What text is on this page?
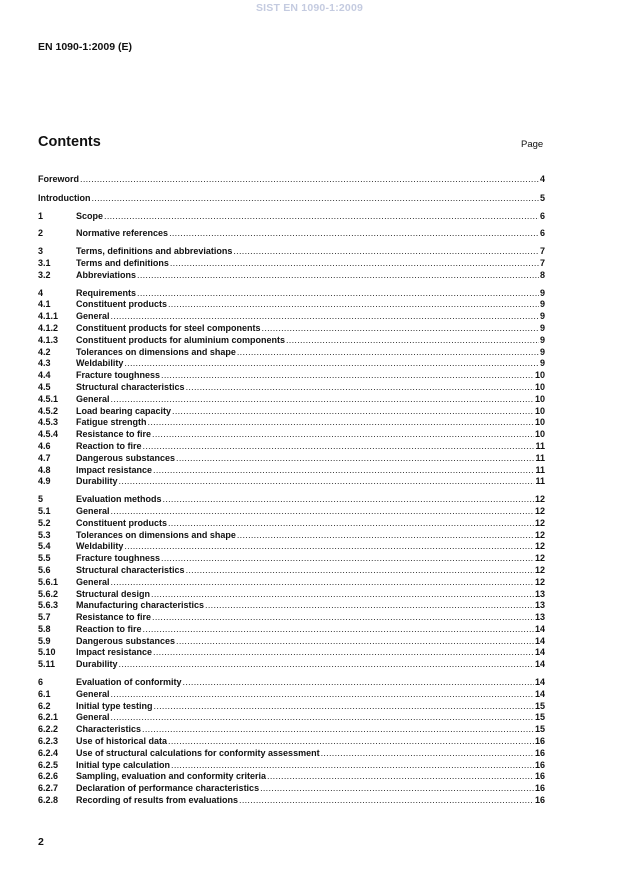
SIST EN 1090-1:2009
EN 1090-1:2009 (E)
Contents	Page
Foreword .....	4
Introduction .....	5
1	Scope .....	6
2	Normative references .....	6
3	Terms, definitions and abbreviations .....	7
3.1	Terms and definitions .....	7
3.2	Abbreviations .....	8
4	Requirements .....	9
4.1	Constituent products .....	9
4.1.1	General .....	9
4.1.2	Constituent products for steel components .....	9
4.1.3	Constituent products for aluminium components .....	9
4.2	Tolerances on dimensions and shape .....	9
4.3	Weldability .....	9
4.4	Fracture toughness .....	10
4.5	Structural characteristics .....	10
4.5.1	General .....	10
4.5.2	Load bearing capacity .....	10
4.5.3	Fatigue strength .....	10
4.5.4	Resistance to fire .....	10
4.6	Reaction to fire .....	11
4.7	Dangerous substances .....	11
4.8	Impact resistance .....	11
4.9	Durability .....	11
5	Evaluation methods .....	12
5.1	General .....	12
5.2	Constituent products .....	12
5.3	Tolerances on dimensions and shape .....	12
5.4	Weldability .....	12
5.5	Fracture toughness .....	12
5.6	Structural characteristics .....	12
5.6.1	General .....	12
5.6.2	Structural design .....	13
5.6.3	Manufacturing characteristics .....	13
5.7	Resistance to fire .....	13
5.8	Reaction to fire .....	14
5.9	Dangerous substances .....	14
5.10	Impact resistance .....	14
5.11	Durability .....	14
6	Evaluation of conformity .....	14
6.1	General .....	14
6.2	Initial type testing .....	15
6.2.1	General .....	15
6.2.2	Characteristics .....	15
6.2.3	Use of historical data .....	16
6.2.4	Use of structural calculations for conformity assessment .....	16
6.2.5	Initial type calculation .....	16
6.2.6	Sampling, evaluation and conformity criteria .....	16
6.2.7	Declaration of performance characteristics .....	16
6.2.8	Recording of results from evaluations .....	16
2
